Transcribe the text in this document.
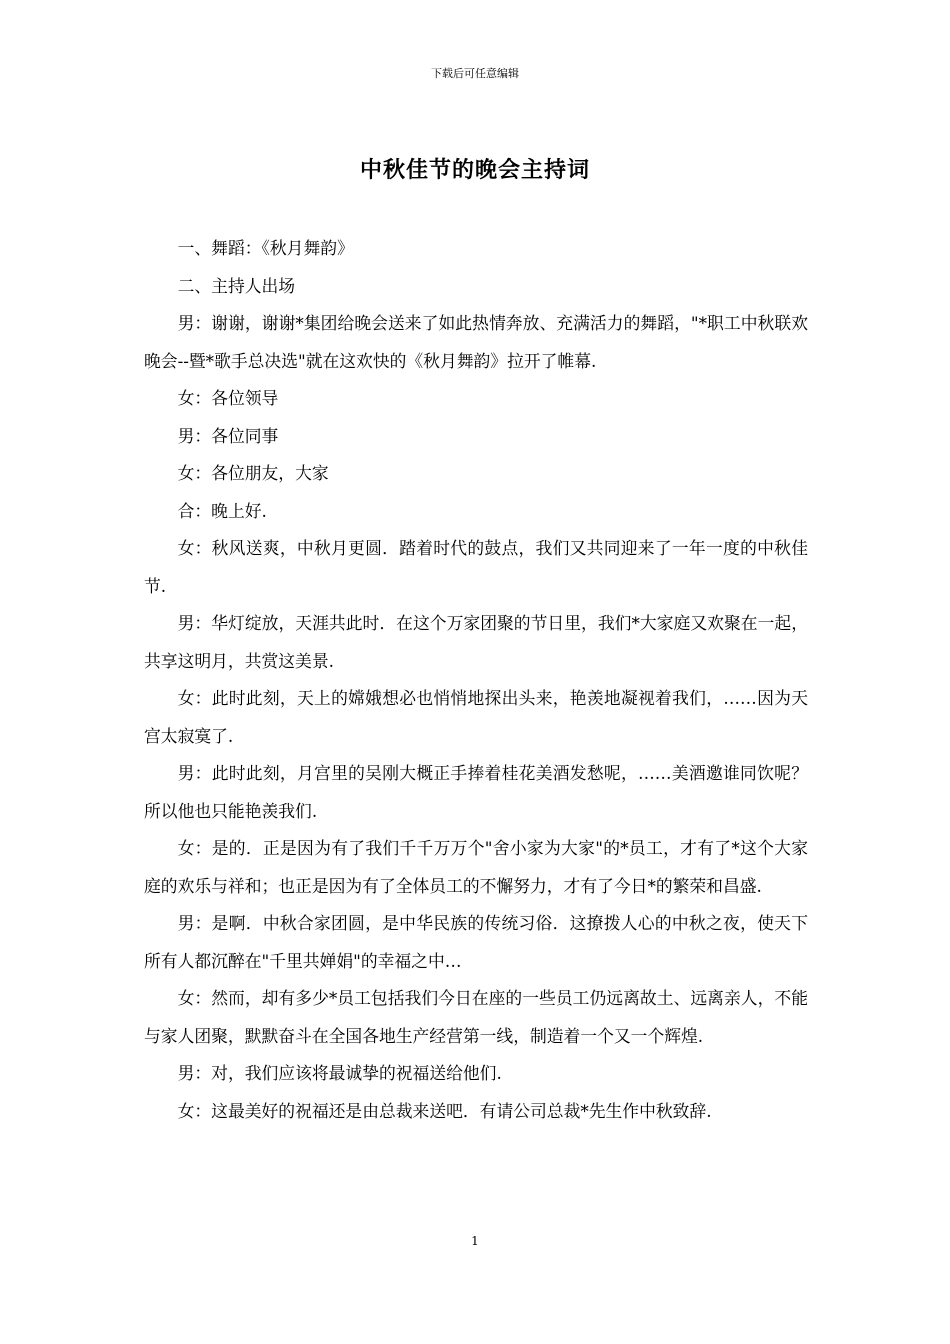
下载后可任意编辑
中秋佳节的晚会主持词

一、舞蹈：《秋月舞韵》

二、主持人出场

男：谢谢，谢谢*集团给晚会送来了如此热情奔放、充满活力的舞蹈，"*职工中秋联欢晚会--暨*歌手总决选"就在这欢快的《秋月舞韵》拉开了帷幕.

女：各位领导

男：各位同事

女：各位朋友，大家

合：晚上好.

女：秋风送爽，中秋月更圆．踏着时代的鼓点，我们又共同迎来了一年一度的中秋佳节.

男：华灯绽放，天涯共此时．在这个万家团聚的节日里，我们*大家庭又欢聚在一起，共享这明月，共赏这美景.

女：此时此刻，天上的嫦娥想必也悄悄地探出头来，艳羡地凝视着我们，……因为天宫太寂寞了.

男：此时此刻，月宫里的吴刚大概正手捧着桂花美酒发愁呢，……美酒邀谁同饮呢？所以他也只能艳羡我们.

女：是的．正是因为有了我们千千万万个"舍小家为大家"的*员工，才有了*这个大家庭的欢乐与祥和；也正是因为有了全体员工的不懈努力，才有了今日*的繁荣和昌盛.

男：是啊．中秋合家团圆，是中华民族的传统习俗．这撩拨人心的中秋之夜，使天下所有人都沉醉在"千里共婵娟"的幸福之中…

女：然而，却有多少*员工包括我们今日在座的一些员工仍远离故土、远离亲人，不能与家人团聚，默默奋斗在全国各地生产经营第一线，制造着一个又一个辉煌.

男：对，我们应该将最诚挚的祝福送给他们.

女：这最美好的祝福还是由总裁来送吧．有请公司总裁*先生作中秋致辞.

1
